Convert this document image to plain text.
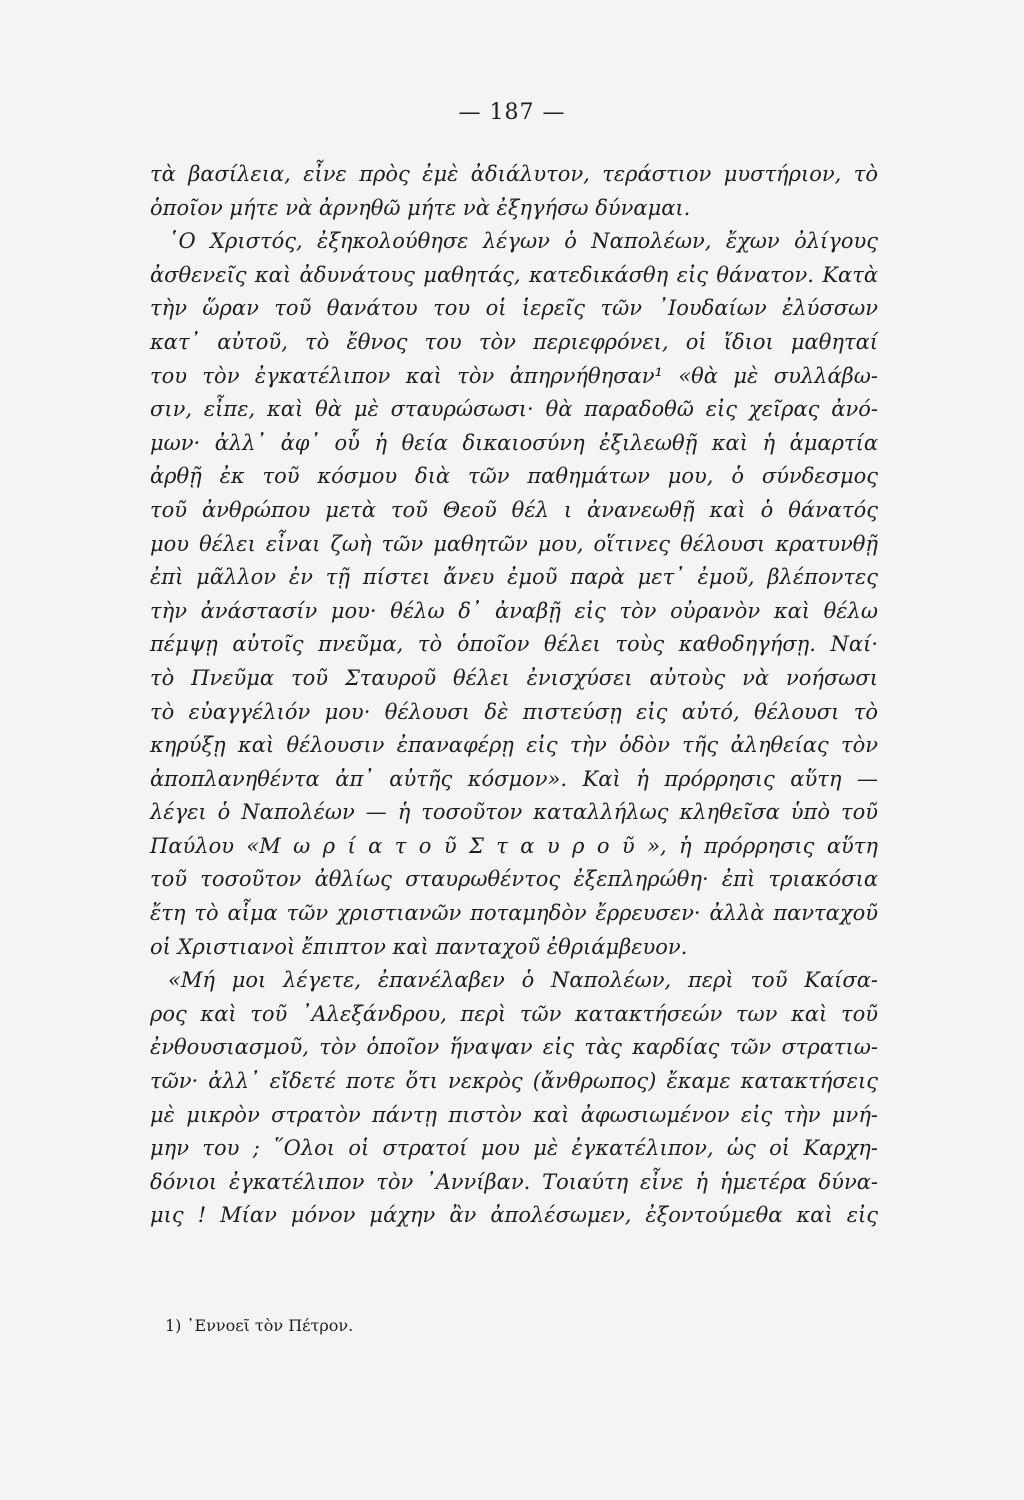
— 187 —
τὰ βασίλεια, εἶνε πρὸς ἐμὲ ἀδιάλυτον, τεράστιον μυστήριον, τὸ
ὁποῖον μήτε νὰ ἀρνηθῶ μήτε νὰ ἐξηγήσω δύναμαι.
῾Ο Χριστός, ἐξηκολούθησε λέγων ὁ Ναπολέων, ἔχων ὀλίγους
ἀσθενεῖς καὶ ἀδυνάτους μαθητάς, κατεδικάσθη εἰς θάνατον. Κατὰ
τὴν ὥραν τοῦ θανάτου του οἱ ἱερεῖς τῶν ᾿Ιουδαίων ἐλύσσων
κατ᾿ αὐτοῦ, τὸ ἔθνος του τὸν περιεφρόνει, οἱ ἴδιοι μαθηταί
του τὸν ἐγκατέλιπον καὶ τὸν ἀπηρνήθησαν¹ «θὰ μὲ συλλάβω-
σιν, εἶπε, καὶ θὰ μὲ σταυρώσωσι· θὰ παραδοθῶ εἰς χεῖρας ἀνό-
μων· ἀλλ᾿ ἀφ᾿ οὗ ἡ θεία δικαιοσύνη ἐξιλεωθῇ καὶ ἡ ἁμαρτία
ἀρθῇ ἐκ τοῦ κόσμου διὰ τῶν παθημάτων μου, ὁ σύνδεσμος
τοῦ ἀνθρώπου μετὰ τοῦ Θεοῦ θέλ ι ἀνανεωθῇ καὶ ὁ θάνατός
μου θέλει εἶναι ζωὴ τῶν μαθητῶν μου, οἵτινες θέλουσι κρατυνθῇ
ἐπὶ μᾶλλον ἐν τῇ πίστει ἄνευ ἐμοῦ παρὰ μετ᾿ ἐμοῦ, βλέποντες
τὴν ἀνάστασίν μου· θέλω δ᾿ ἀναβῇ εἰς τὸν οὐρανὸν καὶ θέλω
πέμψῃ αὐτοῖς πνεῦμα, τὸ ὁποῖον θέλει τοὺς καθοδηγήσῃ. Ναί·
τὸ Πνεῦμα τοῦ Σταυροῦ θέλει ἐνισχύσει αὐτοὺς νὰ νοήσωσι
τὸ εὐαγγέλιόν μου· θέλουσι δὲ πιστεύσῃ εἰς αὐτό, θέλουσι τὸ
κηρύξῃ καὶ θέλουσιν ἐπαναφέρῃ εἰς τὴν ὁδὸν τῆς ἀληθείας τὸν
ἀποπλανηθέντα ἀπ᾿ αὐτῆς κόσμον». Καὶ ἡ πρόρρησις αὕτη —
λέγει ὁ Ναπολέων — ἡ τοσοῦτον καταλλήλως κληθεῖσα ὑπὸ τοῦ
Παύλου «Μ ω ρ ί α τ ο ῦ Σ τ α υ ρ ο ῦ », ἡ πρόρρησις αὕτη
τοῦ τοσοῦτον ἀθλίως σταυρωθέντος ἐξεπληρώθη· ἐπὶ τριακόσια
ἔτη τὸ αἷμα τῶν χριστιανῶν ποταμηδὸν ἔρρευσεν· ἀλλὰ πανταχοῦ
οἱ Χριστιανοὶ ἔπιπτον καὶ πανταχοῦ ἐθριάμβευον.
«Μή μοι λέγετε, ἐπανέλαβεν ὁ Ναπολέων, περὶ τοῦ Καίσα-
ρος καὶ τοῦ ᾿Αλεξάνδρου, περὶ τῶν κατακτήσεών των καὶ τοῦ
ἐνθουσιασμοῦ, τὸν ὁποῖον ἥναψαν εἰς τὰς καρδίας τῶν στρατιω-
τῶν· ἀλλ᾿ εἴδετέ ποτε ὅτι νεκρὸς (ἄνθρωπος) ἔκαμε κατακτήσεις
μὲ μικρὸν στρατὸν πάντῃ πιστὸν καὶ ἀφωσιωμένον εἰς τὴν μνή-
μην του ; ῞Ολοι οἱ στρατοί μου μὲ ἐγκατέλιπον, ὡς οἱ Καρχη-
δόνιοι ἐγκατέλιπον τὸν ᾿Αννίβαν. Τοιαύτη εἶνε ἡ ἡμετέρα δύνα-
μις ! Μίαν μόνον μάχην ἂν ἀπολέσωμεν, ἐξοντούμεθα καὶ εἰς
1) ᾿Εννοεῖ τὸν Πέτρον.
